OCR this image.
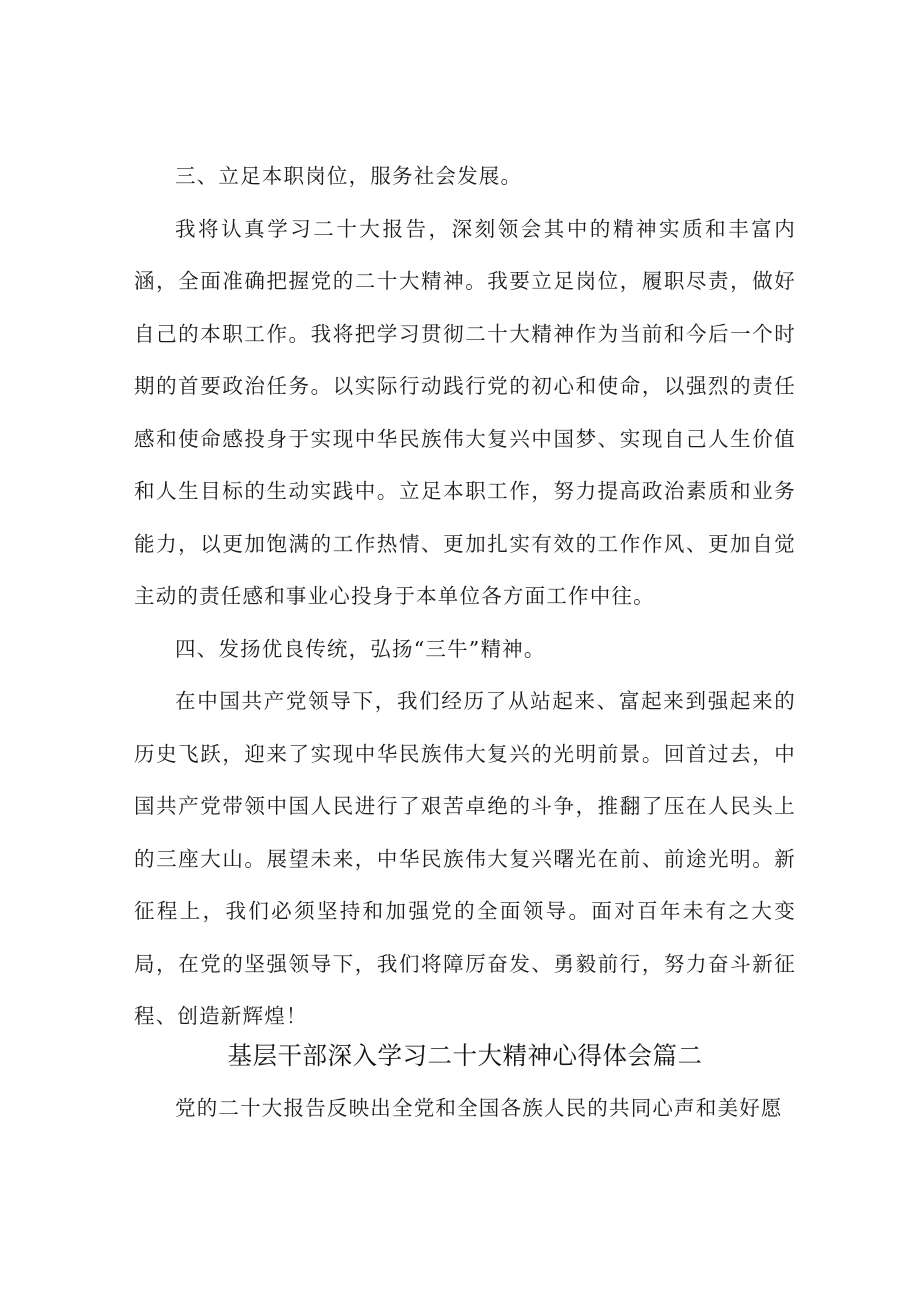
三、立足本职岗位，服务社会发展。

我将认真学习二十大报告，深刻领会其中的精神实质和丰富内涵，全面准确把握党的二十大精神。我要立足岗位，履职尽责，做好自己的本职工作。我将把学习贯彻二十大精神作为当前和今后一个时期的首要政治任务。以实际行动践行党的初心和使命，以强烈的责任感和使命感投身于实现中华民族伟大复兴中国梦、实现自己人生价值和人生目标的生动实践中。立足本职工作，努力提高政治素质和业务能力，以更加饱满的工作热情、更加扎实有效的工作作风、更加自觉主动的责任感和事业心投身于本单位各方面工作中往。

四、发扬优良传统，弘扬“三牛”精神。

在中国共产党领导下，我们经历了从站起来、富起来到强起来的历史飞跃，迎来了实现中华民族伟大复兴的光明前景。回首过去，中国共产党带领中国人民进行了艰苦卓绝的斗争，推翻了压在人民头上的三座大山。展望未来，中华民族伟大复兴曙光在前、前途光明。新征程上，我们必须坚持和加强党的全面领导。面对百年未有之大变局，在党的坚强领导下，我们将障厉奋发、勇毅前行，努力奋斗新征程、创造新辉煌！

基层干部深入学习二十大精神心得体会篇二

党的二十大报告反映出全党和全国各族人民的共同心声和美好愿
